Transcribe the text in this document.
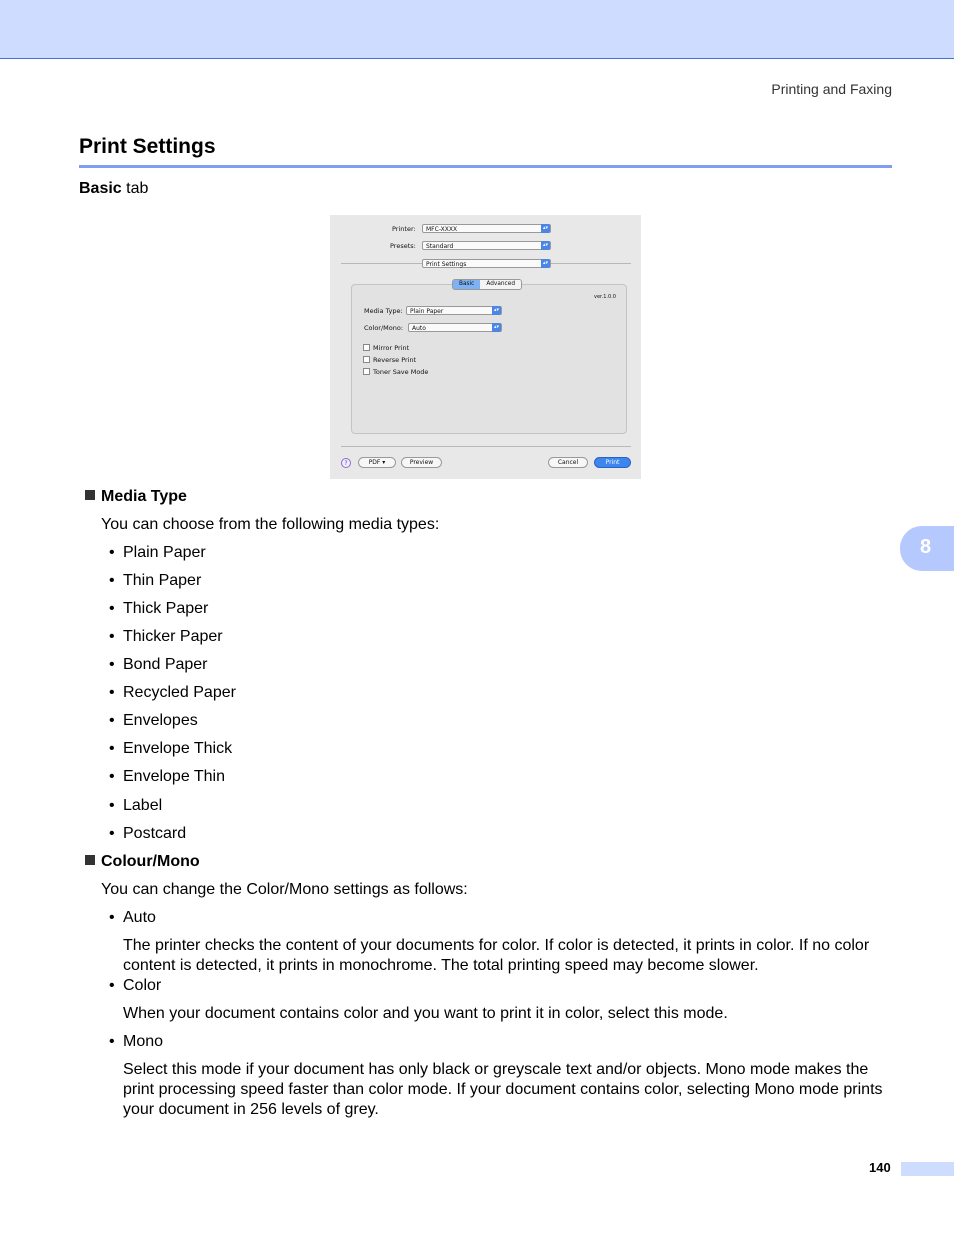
Printing and Faxing
Print Settings
Basic tab
Printer:	MFC-XXXX	▴▾
Presets:	Standard	▴▾
Print Settings	▴▾
Basic	Advanced
ver.1.0.0
Media Type:	Plain Paper	▴▾
Color/Mono:	Auto	▴▾
Mirror Print
Reverse Print
Toner Save Mode
?	PDF ▾	Preview	Cancel	Print
Media Type
You can choose from the following media types:
• Plain Paper
• Thin Paper
• Thick Paper
• Thicker Paper
• Bond Paper
• Recycled Paper
• Envelopes
• Envelope Thick
• Envelope Thin
• Label
• Postcard
Colour/Mono
You can change the Color/Mono settings as follows:
• Auto
The printer checks the content of your documents for color. If color is detected, it prints in color. If no color content is detected, it prints in monochrome. The total printing speed may become slower.
• Color
When your document contains color and you want to print it in color, select this mode.
• Mono
Select this mode if your document has only black or greyscale text and/or objects. Mono mode makes the print processing speed faster than color mode. If your document contains color, selecting Mono mode prints your document in 256 levels of grey.
8
140
